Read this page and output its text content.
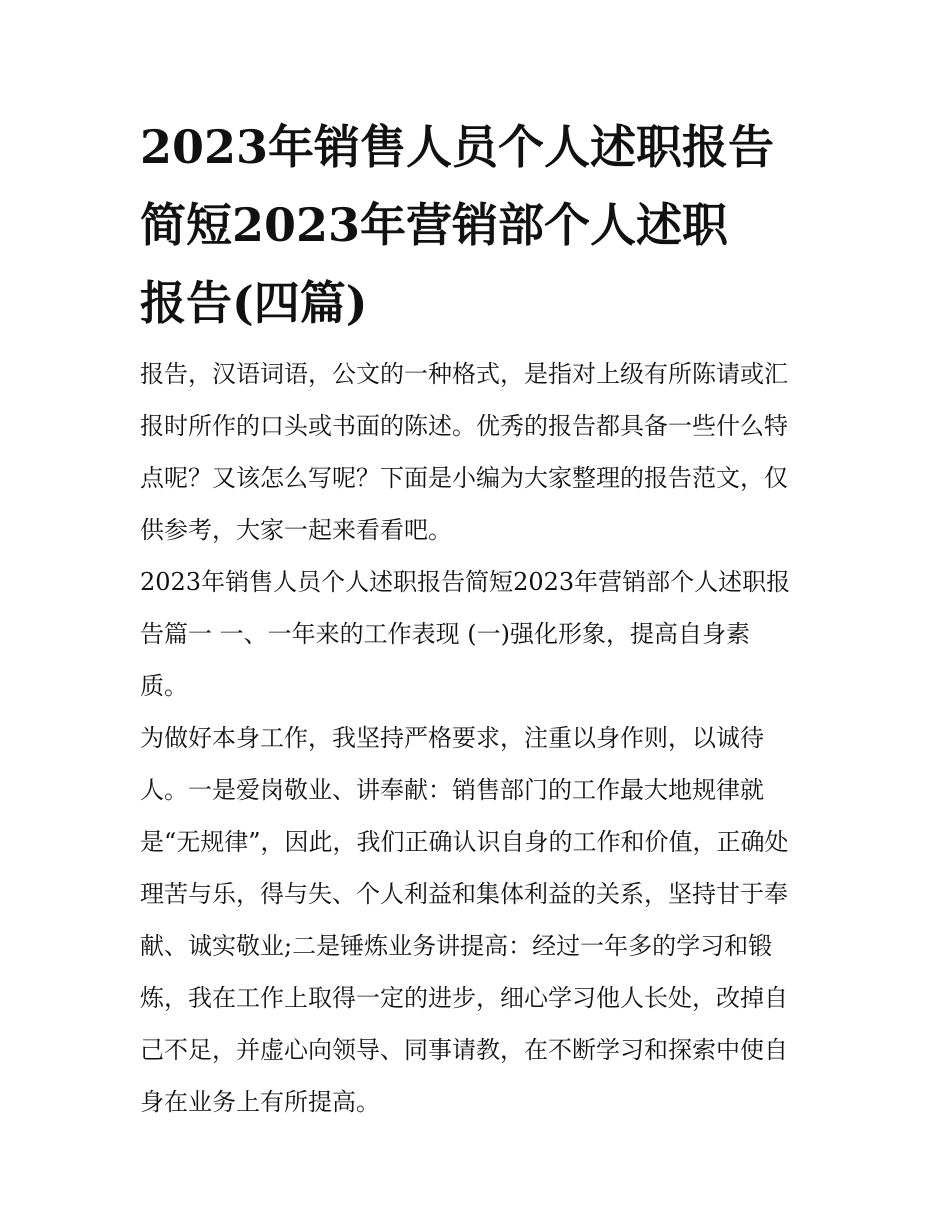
2023年销售人员个人述职报告
简短2023年营销部个人述职
报告(四篇)

报告，汉语词语，公文的一种格式，是指对上级有所陈请或汇
报时所作的口头或书面的陈述。优秀的报告都具备一些什么特
点呢？又该怎么写呢？下面是小编为大家整理的报告范文，仅
供参考，大家一起来看看吧。

2023年销售人员个人述职报告简短2023年营销部个人述职报
告篇一 一、一年来的工作表现 (一)强化形象，提高自身素
质。

为做好本身工作，我坚持严格要求，注重以身作则，以诚待
人。一是爱岗敬业、讲奉献：销售部门的工作最大地规律就
是“无规律”，因此，我们正确认识自身的工作和价值，正确处
理苦与乐，得与失、个人利益和集体利益的关系，坚持甘于奉
献、诚实敬业;二是锤炼业务讲提高：经过一年多的学习和锻
炼，我在工作上取得一定的进步，细心学习他人长处，改掉自
己不足，并虚心向领导、同事请教，在不断学习和探索中使自
身在业务上有所提高。
